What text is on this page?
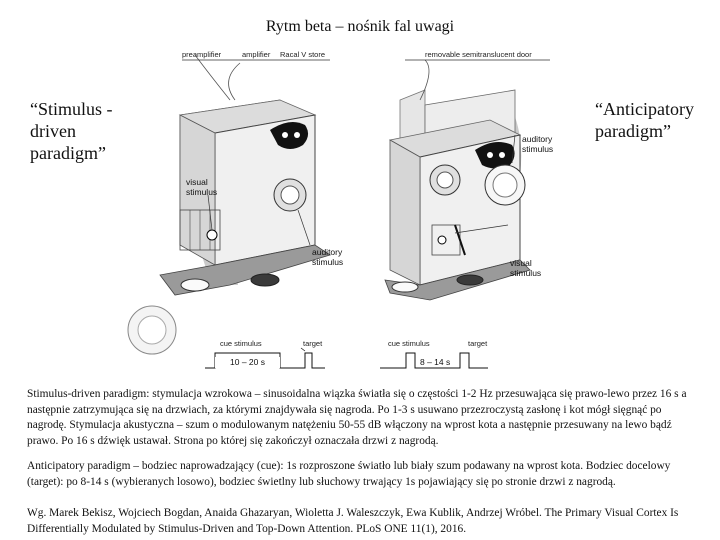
Rytm beta – nośnik fal uwagi
“Stimulus -driven paradigm”
“Anticipatory paradigm”
preamplifier	amplifier Racal V store
visual
stimulus
auditory
stimulus
removable semitranslucent door
auditory
stimulus
visual
stimulus
cue stimulus	target
10 – 20 s
cue stimulus	target
8 – 14 s
Stimulus-driven paradigm: stymulacja wzrokowa – sinusoidalna wiązka światła się o częstości 1-2 Hz przesuwająca się prawo-lewo przez 16 s a następnie zatrzymująca się na drzwiach, za którymi znajdywała się nagroda. Po 1-3 s usuwano przezroczystą zasłonę i kot mógł sięgnąć po nagrodę. Stymulacja akustyczna – szum o modulowanym natężeniu 50-55 dB włączony na wprost kota a następnie przesuwany na lewo bądź prawo. Po 16 s dźwięk ustawał. Strona po której się zakończył oznaczała drzwi z nagrodą.
Anticipatory paradigm – bodziec naprowadzający (cue): 1s rozproszone światło lub biały szum podawany na wprost kota. Bodziec docelowy (target): po 8-14 s (wybieranych losowo), bodziec świetlny lub słuchowy trwający 1s pojawiający się po stronie drzwi z nagrodą.
Wg. Marek Bekisz, Wojciech Bogdan, Anaida Ghazaryan, Wioletta J. Waleszczyk, Ewa Kublik, Andrzej Wróbel. The Primary Visual Cortex Is Differentially Modulated by Stimulus-Driven and Top-Down Attention. PLoS ONE 11(1), 2016.
